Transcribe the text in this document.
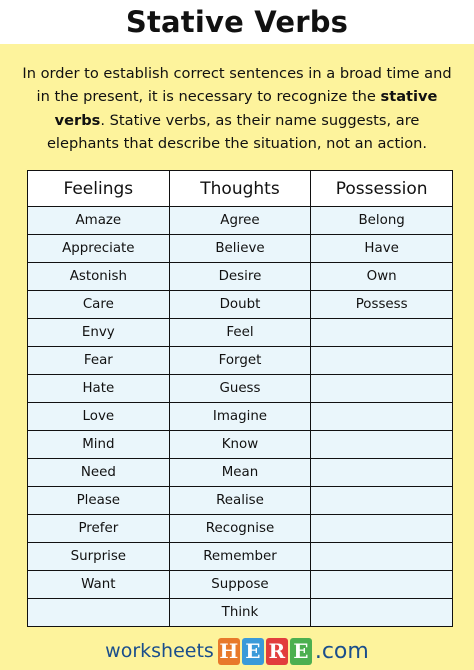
Stative Verbs

In order to establish correct sentences in a broad time and in the present, it is necessary to recognize the stative verbs. Stative verbs, as their name suggests, are elephants that describe the situation, not an action.

Feelings	Thoughts	Possession
Amaze	Agree	Belong
Appreciate	Believe	Have
Astonish	Desire	Own
Care	Doubt	Possess
Envy	Feel	
Fear	Forget	
Hate	Guess	
Love	Imagine	
Mind	Know	
Need	Mean	
Please	Realise	
Prefer	Recognise	
Surprise	Remember	
Want	Suppose	
	Think	
worksheets H E R E .com
